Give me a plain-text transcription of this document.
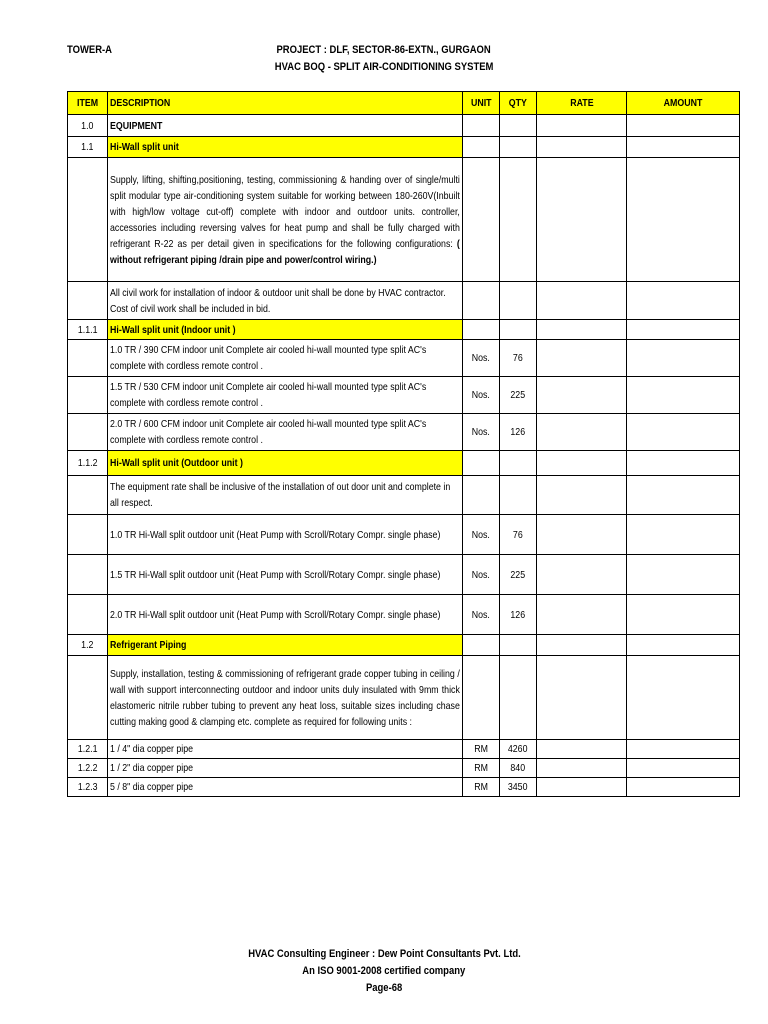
TOWER-A	PROJECT : DLF, SECTOR-86-EXTN., GURGAON
HVAC BOQ - SPLIT AIR-CONDITIONING SYSTEM
ITEM	DESCRIPTION	UNIT	QTY	RATE	AMOUNT
1.0	EQUIPMENT				
1.1	Hi-Wall split unit				
	Supply, lifting, shifting,positioning, testing, commissioning & handing over of single/multi split modular type air-conditioning system suitable for working between 180-260V(Inbuilt with high/low voltage cut-off) complete with indoor and outdoor units. controller, accessories including reversing valves for heat pump and shall be fully charged with refrigerant R-22 as per detail given in specifications for the following configurations: ( without refrigerant piping /drain pipe and power/control wiring.)				
	All civil work for installation of indoor & outdoor unit shall be done by HVAC contractor. Cost of civil work shall be included in bid.				
1.1.1	Hi-Wall split unit (Indoor unit )				
	1.0 TR / 390 CFM indoor unit Complete air cooled hi-wall mounted type split AC's complete with cordless remote control .	Nos.	76		
	1.5 TR / 530 CFM indoor unit Complete air cooled hi-wall mounted type split AC's complete with cordless remote control .	Nos.	225		
	2.0 TR / 600 CFM indoor unit Complete air cooled hi-wall mounted type split AC's complete with cordless remote control .	Nos.	126		
1.1.2	Hi-Wall split unit (Outdoor unit )				
	The equipment rate shall be inclusive of the installation of out door unit and complete in all respect.				
	1.0 TR Hi-Wall split outdoor unit (Heat Pump with Scroll/Rotary Compr. single phase)	Nos.	76		
	1.5 TR Hi-Wall split outdoor unit (Heat Pump with Scroll/Rotary Compr. single phase)	Nos.	225		
	2.0 TR Hi-Wall split outdoor unit (Heat Pump with Scroll/Rotary Compr. single phase)	Nos.	126		
1.2	Refrigerant Piping				
	Supply, installation, testing & commissioning of refrigerant grade copper tubing in ceiling / wall with support interconnecting outdoor and indoor units duly insulated with 9mm thick elastomeric nitrile rubber tubing to prevent any heat loss, suitable sizes including chase cutting making good & clamping etc. complete as required for following units :				
1.2.1	1 / 4" dia copper pipe	RM	4260		
1.2.2	1 / 2" dia copper pipe	RM	840		
1.2.3	5 / 8" dia copper pipe	RM	3450		
HVAC Consulting Engineer : Dew Point Consultants Pvt. Ltd.
An ISO 9001-2008 certified company
Page-68
